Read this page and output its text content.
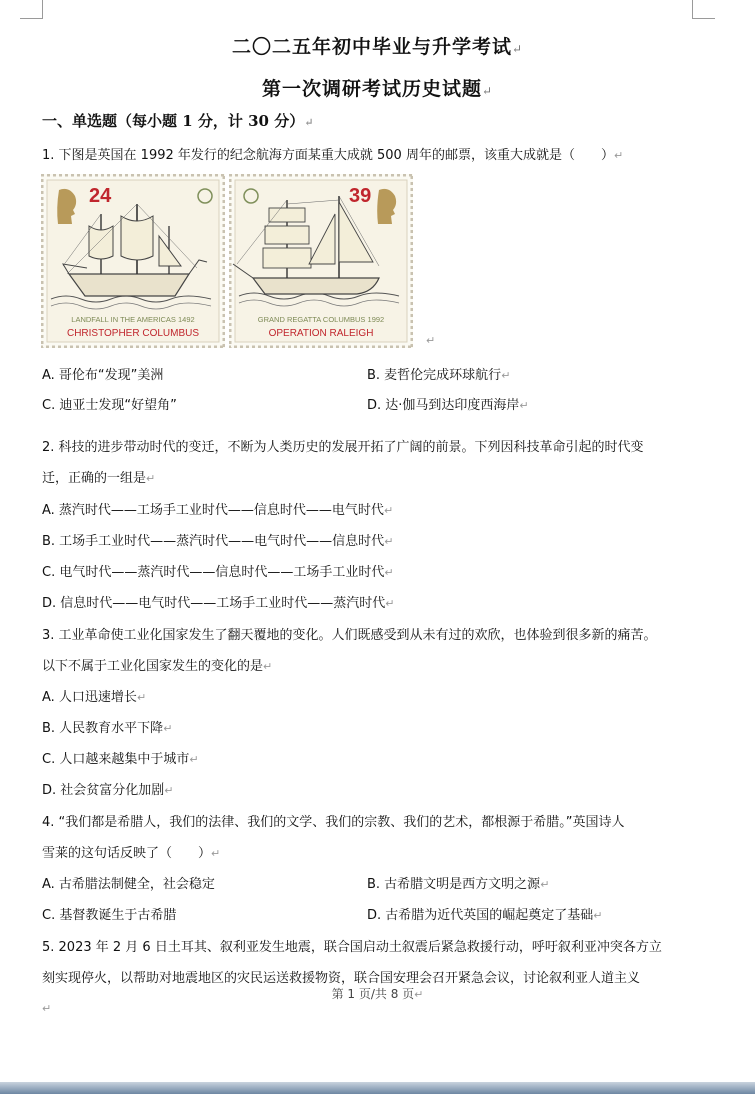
二〇二五年初中毕业与升学考试↵
第一次调研考试历史试题↵
一、单选题（每小题 1 分，计 30 分）↵
1. 下图是英国在 1992 年发行的纪念航海方面某重大成就 500 周年的邮票，该重大成就是（　　）↵
24
LANDFALL IN THE AMERICAS 1492
CHRISTOPHER COLUMBUS
39
GRAND REGATTA COLUMBUS 1992
OPERATION RALEIGH
↵
A. 哥伦布“发现”美洲	B. 麦哲伦完成环球航行↵
C. 迪亚士发现“好望角”	D. 达·伽马到达印度西海岸↵
2. 科技的进步带动时代的变迁，不断为人类历史的发展开拓了广阔的前景。下列因科技革命引起的时代变
迁，正确的一组是↵
A. 蒸汽时代——工场手工业时代——信息时代——电气时代↵
B. 工场手工业时代——蒸汽时代——电气时代——信息时代↵
C. 电气时代——蒸汽时代——信息时代——工场手工业时代↵
D. 信息时代——电气时代——工场手工业时代——蒸汽时代↵
3. 工业革命使工业化国家发生了翻天覆地的变化。人们既感受到从未有过的欢欣，也体验到很多新的痛苦。
以下不属于工业化国家发生的变化的是↵
A. 人口迅速增长↵
B. 人民教育水平下降↵
C. 人口越来越集中于城市↵
D. 社会贫富分化加剧↵
4. “我们都是希腊人，我们的法律、我们的文学、我们的宗教、我们的艺术，都根源于希腊。”英国诗人
雪莱的这句话反映了（　　）↵
A. 古希腊法制健全，社会稳定	B. 古希腊文明是西方文明之源↵
C. 基督教诞生于古希腊	D. 古希腊为近代英国的崛起奠定了基础↵
5. 2023 年 2 月 6 日土耳其、叙利亚发生地震，联合国启动土叙震后紧急救援行动，呼吁叙利亚冲突各方立
刻实现停火，以帮助对地震地区的灾民运送救援物资，联合国安理会召开紧急会议，讨论叙利亚人道主义
第 1 页/共 8 页↵
↵
